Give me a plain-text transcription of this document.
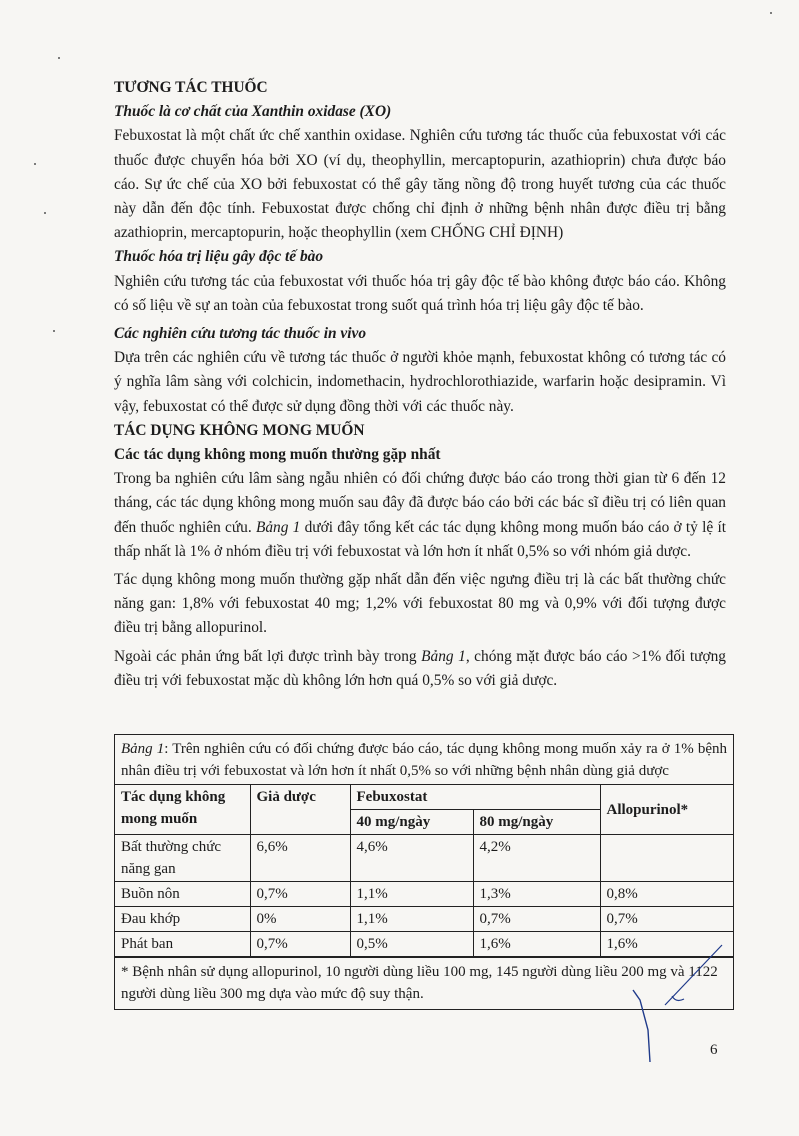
TƯƠNG TÁC THUỐC
Thuốc là cơ chất của Xanthin oxidase (XO)

Febuxostat là một chất ức chế xanthin oxidase. Nghiên cứu tương tác thuốc của febuxostat với các thuốc được chuyển hóa bởi XO (ví dụ, theophyllin, mercaptopurin, azathioprin) chưa được báo cáo. Sự ức chế của XO bởi febuxostat có thể gây tăng nồng độ trong huyết tương của các thuốc này dẫn đến độc tính. Febuxostat được chống chỉ định ở những bệnh nhân được điều trị bằng azathioprin, mercaptopurin, hoặc theophyllin (xem CHỐNG CHỈ ĐỊNH)

Thuốc hóa trị liệu gây độc tế bào

Nghiên cứu tương tác của febuxostat với thuốc hóa trị gây độc tế bào không được báo cáo. Không có số liệu về sự an toàn của febuxostat trong suốt quá trình hóa trị liệu gây độc tế bào.

Các nghiên cứu tương tác thuốc in vivo

Dựa trên các nghiên cứu về tương tác thuốc ở người khỏe mạnh, febuxostat không có tương tác có ý nghĩa lâm sàng với colchicin, indomethacin, hydrochlorothiazide, warfarin hoặc desipramin. Vì vậy, febuxostat có thể được sử dụng đồng thời với các thuốc này.

TÁC DỤNG KHÔNG MONG MUỐN
Các tác dụng không mong muốn thường gặp nhất

Trong ba nghiên cứu lâm sàng ngẫu nhiên có đối chứng được báo cáo trong thời gian từ 6 đến 12 tháng, các tác dụng không mong muốn sau đây đã được báo cáo bởi các bác sĩ điều trị có liên quan đến thuốc nghiên cứu. Bảng 1 dưới đây tổng kết các tác dụng không mong muốn báo cáo ở tỷ lệ ít thấp nhất là 1% ở nhóm điều trị với febuxostat và lớn hơn ít nhất 0,5% so với nhóm giả dược.

Tác dụng không mong muốn thường gặp nhất dẫn đến việc ngưng điều trị là các bất thường chức năng gan: 1,8% với febuxostat 40 mg; 1,2% với febuxostat 80 mg và 0,9% với đối tượng được điều trị bằng allopurinol.

Ngoài các phản ứng bất lợi được trình bày trong Bảng 1, chóng mặt được báo cáo >1% đối tượng điều trị với febuxostat mặc dù không lớn hơn quá 0,5% so với giả dược.

Bảng 1: Trên nghiên cứu có đối chứng được báo cáo, tác dụng không mong muốn xảy ra ở 1% bệnh nhân điều trị với febuxostat và lớn hơn ít nhất 0,5% so với những bệnh nhân dùng giả dược
Tác dụng không mong muốn	Giả dược	Febuxostat		Allopurinol*
		40 mg/ngày	80 mg/ngày	
Bất thường chức năng gan	6,6%	4,6%	4,2%	
Buồn nôn	0,7%	1,1%	1,3%	0,8%
Đau khớp	0%	1,1%	0,7%	0,7%
Phát ban	0,7%	0,5%	1,6%	1,6%
* Bệnh nhân sử dụng allopurinol, 10 người dùng liều 100 mg, 145 người dùng liều 200 mg và 1122 người dùng liều 300 mg dựa vào mức độ suy thận.
6
